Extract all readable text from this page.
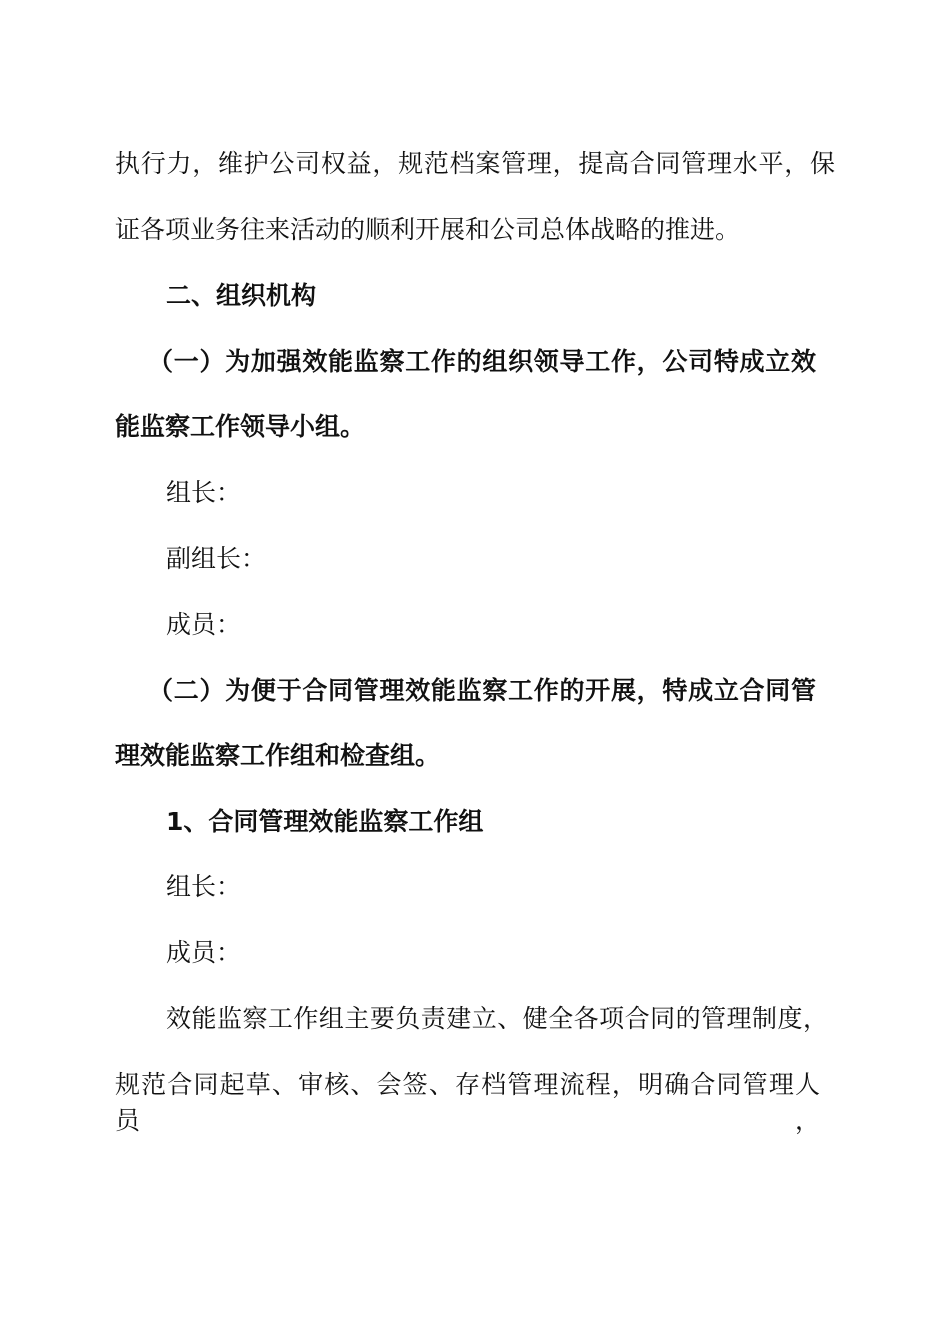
执行力，维护公司权益，规范档案管理，提高合同管理水平，保
证各项业务往来活动的顺利开展和公司总体战略的推进。
二、组织机构
（一）为加强效能监察工作的组织领导工作，公司特成立效
能监察工作领导小组。
组长：
副组长：
成员：
（二）为便于合同管理效能监察工作的开展，特成立合同管
理效能监察工作组和检查组。
1、合同管理效能监察工作组
组长：
成员：
效能监察工作组主要负责建立、健全各项合同的管理制度，
规范合同起草、审核、会签、存档管理流程，明确合同管理人员，
